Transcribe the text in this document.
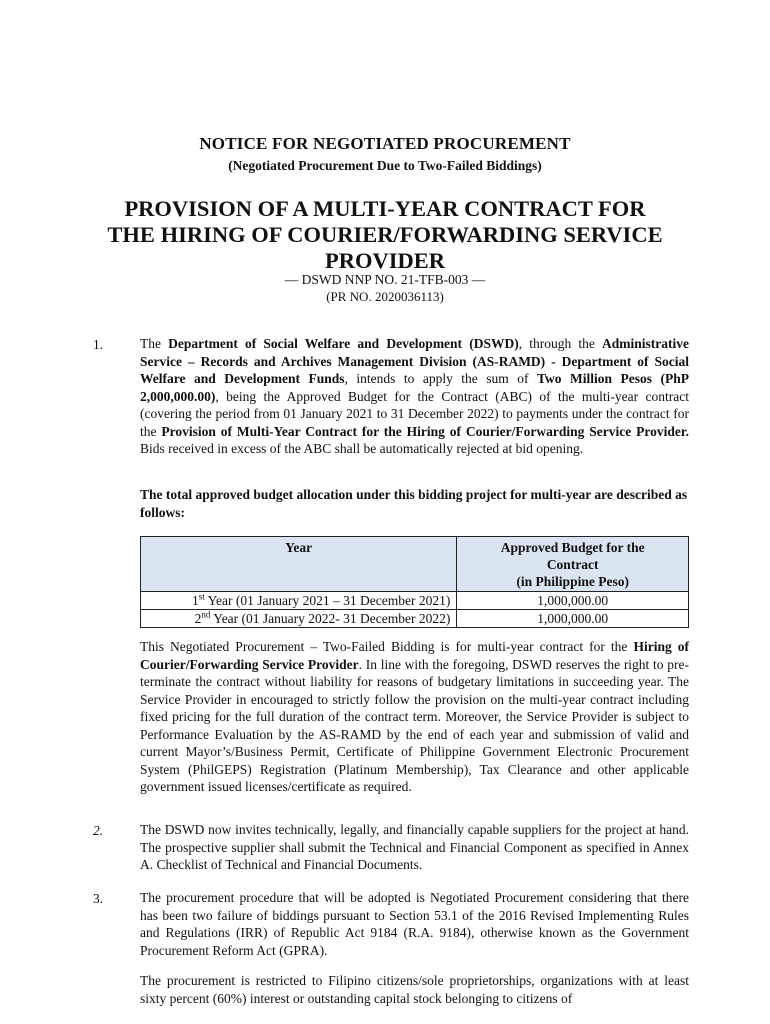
NOTICE FOR NEGOTIATED PROCUREMENT
(Negotiated Procurement Due to Two-Failed Biddings)
PROVISION OF A MULTI-YEAR CONTRACT FOR
THE HIRING OF COURIER/FORWARDING SERVICE
PROVIDER
— DSWD NNP NO. 21-TFB-003 —
(PR NO. 2020036113)
1.	The Department of Social Welfare and Development (DSWD), through the Administrative Service – Records and Archives Management Division (AS-RAMD) - Department of Social Welfare and Development Funds, intends to apply the sum of Two Million Pesos (PhP 2,000,000.00), being the Approved Budget for the Contract (ABC) of the multi-year contract (covering the period from 01 January 2021 to 31 December 2022) to payments under the contract for the Provision of Multi-Year Contract for the Hiring of Courier/Forwarding Service Provider. Bids received in excess of the ABC shall be automatically rejected at bid opening.
The total approved budget allocation under this bidding project for multi-year are described as follows:
Year	Approved Budget for the
Contract
(in Philippine Peso)

1st Year (01 January 2021 – 31 December 2021)	1,000,000.00
2nd Year (01 January 2022- 31 December 2022)	1,000,000.00
This Negotiated Procurement – Two-Failed Bidding is for multi-year contract for the Hiring of Courier/Forwarding Service Provider. In line with the foregoing, DSWD reserves the right to pre-terminate the contract without liability for reasons of budgetary limitations in succeeding year. The Service Provider in encouraged to strictly follow the provision on the multi-year contract including fixed pricing for the full duration of the contract term. Moreover, the Service Provider is subject to Performance Evaluation by the AS-RAMD by the end of each year and submission of valid and current Mayor’s/Business Permit, Certificate of Philippine Government Electronic Procurement System (PhilGEPS) Registration (Platinum Membership), Tax Clearance and other applicable government issued licenses/certificate as required.
2.	The DSWD now invites technically, legally, and financially capable suppliers for the project at hand. The prospective supplier shall submit the Technical and Financial Component as specified in Annex A. Checklist of Technical and Financial Documents.
3.	The procurement procedure that will be adopted is Negotiated Procurement considering that there has been two failure of biddings pursuant to Section 53.1 of the 2016 Revised Implementing Rules and Regulations (IRR) of Republic Act 9184 (R.A. 9184), otherwise known as the Government Procurement Reform Act (GPRA).
The procurement is restricted to Filipino citizens/sole proprietorships, organizations with at least sixty percent (60%) interest or outstanding capital stock belonging to citizens of
